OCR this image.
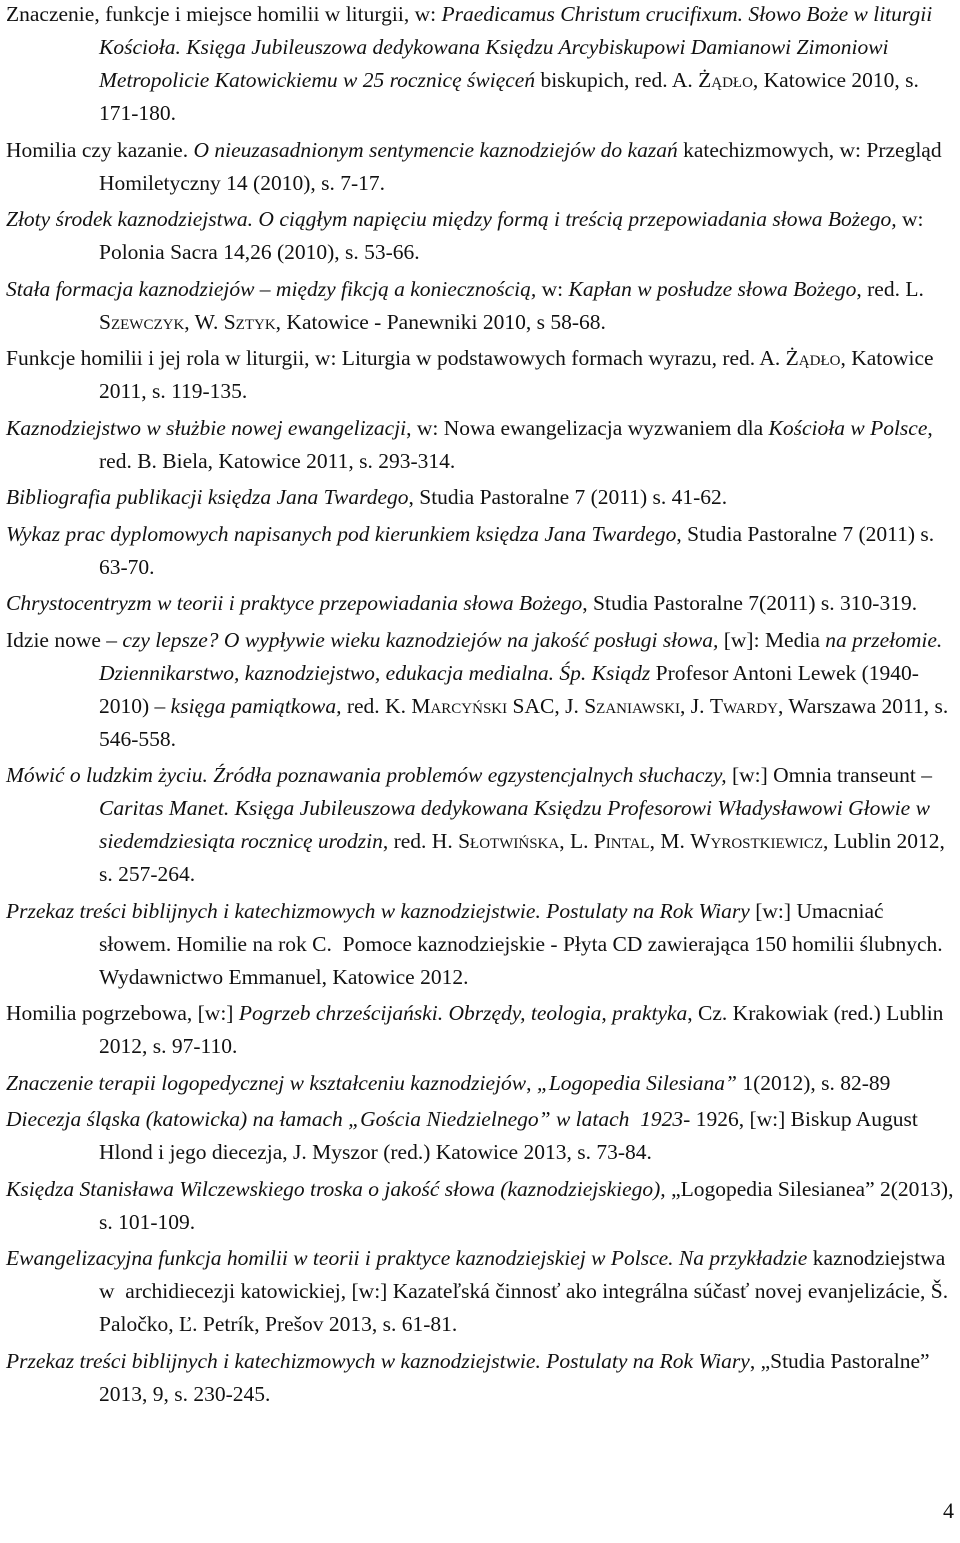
Znaczenie, funkcje i miejsce homilii w liturgii, w: Praedicamus Christum crucifixum. Słowo Boże w liturgii Kościoła. Księga Jubileuszowa dedykowana Księdzu Arcybiskupowi Damianowi Zimoniowi Metropolicie Katowickiemu w 25 rocznicę święceń biskupich, red. A. Żądło, Katowice 2010, s. 171-180.

Homilia czy kazanie. O nieuzasadnionym sentymencie kaznodziejów do kazań katechizmowych, w: Przegląd Homiletyczny 14 (2010), s. 7-17.

Złoty środek kaznodziejstwa. O ciągłym napięciu między formą i treścią przepowiadania słowa Bożego, w: Polonia Sacra 14,26 (2010), s. 53-66.

Stała formacja kaznodziejów – między fikcją a koniecznością, w: Kapłan w posłudze słowa Bożego, red. L. Szewczyk, W. Sztyk, Katowice - Panewniki 2010, s 58-68.

Funkcje homilii i jej rola w liturgii, w: Liturgia w podstawowych formach wyrazu, red. A. Żądło, Katowice 2011, s. 119-135.

Kaznodziejstwo w służbie nowej ewangelizacji, w: Nowa ewangelizacja wyzwaniem dla Kościoła w Polsce, red. B. Biela, Katowice 2011, s. 293-314.

Bibliografia publikacji księdza Jana Twardego, Studia Pastoralne 7 (2011) s. 41-62.

Wykaz prac dyplomowych napisanych pod kierunkiem księdza Jana Twardego, Studia Pastoralne 7 (2011) s. 63-70.

Chrystocentryzm w teorii i praktyce przepowiadania słowa Bożego, Studia Pastoralne 7(2011) s. 310-319.

Idzie nowe – czy lepsze? O wypływie wieku kaznodziejów na jakość posługi słowa, [w]: Media na przełomie. Dziennikarstwo, kaznodziejstwo, edukacja medialna. Śp. Ksiądz Profesor Antoni Lewek (1940-2010) – księga pamiątkowa, red. K. Marcyński SAC, J. Szaniawski, J. Twardy, Warszawa 2011, s. 546-558.

Mówić o ludzkim życiu. Źródła poznawania problemów egzystencjalnych słuchaczy, [w:] Omnia transeunt – Caritas Manet. Księga Jubileuszowa dedykowana Księdzu Profesorowi Władysławowi Głowie w siedemdziesiąta rocznicę urodzin, red. H. Słotwińska, L. Pintal, M. Wyrostkiewicz, Lublin 2012, s. 257-264.

Przekaz treści biblijnych i katechizmowych w kaznodziejstwie. Postulaty na Rok Wiary [w:] Umacniać słowem. Homilie na rok C.  Pomoce kaznodziejskie - Płyta CD zawierająca 150 homilii ślubnych. Wydawnictwo Emmanuel, Katowice 2012.

Homilia pogrzebowa, [w:] Pogrzeb chrześcijański. Obrzędy, teologia, praktyka, Cz. Krakowiak (red.) Lublin 2012, s. 97-110.

Znaczenie terapii logopedycznej w kształceniu kaznodziejów, „Logopedia Silesiana” 1(2012), s. 82-89

Diecezja śląska (katowicka) na łamach „Gościa Niedzielnego” w latach  1923- 1926, [w:] Biskup August Hlond i jego diecezja, J. Myszor (red.) Katowice 2013, s. 73-84.

Księdza Stanisława Wilczewskiego troska o jakość słowa (kaznodziejskiego), „Logopedia Silesianea” 2(2013), s. 101-109.

Ewangelizacyjna funkcja homilii w teorii i praktyce kaznodziejskiej w Polsce. Na przykładzie kaznodziejstwa w  archidiecezji katowickiej, [w:] Kazateľská činnosť ako integrálna súčasť novej evanjelizácie, Š. Paločko, Ľ. Petrík, Prešov 2013, s. 61-81.

Przekaz treści biblijnych i katechizmowych w kaznodziejstwie. Postulaty na Rok Wiary, „Studia Pastoralne” 2013, 9, s. 230-245.

4
